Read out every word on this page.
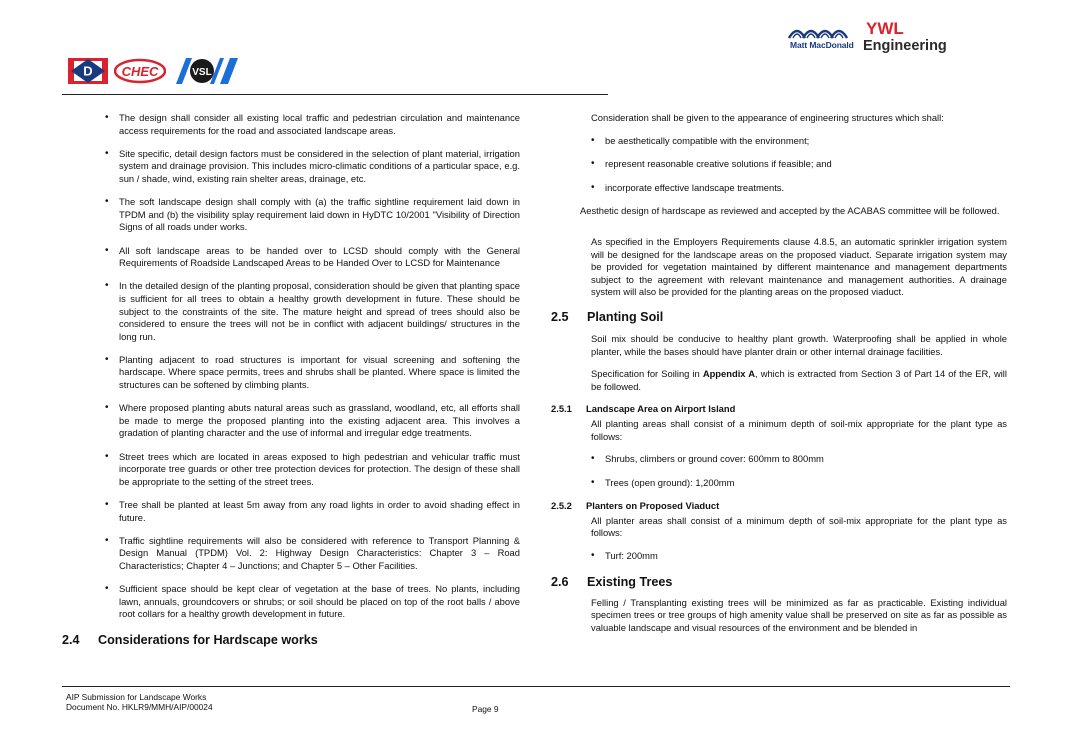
D CHEC	VSL
Matt MacDonald
YWL
Engineering
• The design shall consider all existing local traffic and pedestrian circulation and maintenance access requirements for the road and associated landscape areas.
• Site specific, detail design factors must be considered in the selection of plant material, irrigation system and drainage provision. This includes micro-climatic conditions of a particular space, e.g. sun / shade, wind, existing rain shelter areas, drainage, etc.
• The soft landscape design shall comply with (a) the traffic sightline requirement laid down in TPDM and (b) the visibility splay requirement laid down in HyDTC 10/2001 "Visibility of Direction Signs of all roads under works.
• All soft landscape areas to be handed over to LCSD should comply with the General Requirements of Roadside Landscaped Areas to be Handed Over to LCSD for Maintenance
• In the detailed design of the planting proposal, consideration should be given that planting space is sufficient for all trees to obtain a healthy growth development in future. These should be subject to the constraints of the site. The mature height and spread of trees should also be considered to ensure the trees will not be in conflict with adjacent buildings/ structures in the long run.
• Planting adjacent to road structures is important for visual screening and softening the hardscape. Where space permits, trees and shrubs shall be planted. Where space is limited the structures can be softened by climbing plants.
• Where proposed planting abuts natural areas such as grassland, woodland, etc, all efforts shall be made to merge the proposed planting into the existing adjacent area. This involves a gradation of planting character and the use of informal and irregular edge treatments.
• Street trees which are located in areas exposed to high pedestrian and vehicular traffic must incorporate tree guards or other tree protection devices for protection. The design of these shall be appropriate to the setting of the street trees.
• Tree shall be planted at least 5m away from any road lights in order to avoid shading effect in future.
• Traffic sightline requirements will also be considered with reference to Transport Planning & Design Manual (TPDM) Vol. 2: Highway Design Characteristics: Chapter 3 – Road Characteristics; Chapter 4 – Junctions; and Chapter 5 – Other Facilities.
• Sufficient space should be kept clear of vegetation at the base of trees. No plants, including lawn, annuals, groundcovers or shrubs; or soil should be placed on top of the root balls / above root collars for a healthy growth development in future.
2.4	Considerations for Hardscape works

Consideration shall be given to the appearance of engineering structures which shall:

• be aesthetically compatible with the environment;
• represent reasonable creative solutions if feasible; and
• incorporate effective landscape treatments.

Aesthetic design of hardscape as reviewed and accepted by the ACABAS committee will be followed.

As specified in the Employers Requirements clause 4.8.5, an automatic sprinkler irrigation system will be designed for the landscape areas on the proposed viaduct. Separate irrigation system may be provided for vegetation maintained by different maintenance and management departments subject to the agreement with relevant maintenance and management authorities. A drainage system will also be provided for the planting areas on the proposed viaduct.

2.5	Planting Soil

Soil mix should be conducive to healthy plant growth. Waterproofing shall be applied in whole planter, while the bases should have planter drain or other internal drainage facilities.

Specification for Soiling in Appendix A, which is extracted from Section 3 of Part 14 of the ER, will be followed.

2.5.1	Landscape Area on Airport Island

All planting areas shall consist of a minimum depth of soil-mix appropriate for the plant type as follows:

• Shrubs, climbers or ground cover: 600mm to 800mm
• Trees (open ground): 1,200mm
2.5.2	Planters on Proposed Viaduct

All planter areas shall consist of a minimum depth of soil-mix appropriate for the plant type as follows:

• Turf: 200mm
2.6	Existing Trees

Felling / Transplanting existing trees will be minimized as far as practicable. Existing individual specimen trees or tree groups of high amenity value shall be preserved on site as far as possible as valuable landscape and visual resources of the environment and be blended in

AIP Submission for Landscape Works
Document No. HKLR9/MMH/AIP/00024	Page 9
